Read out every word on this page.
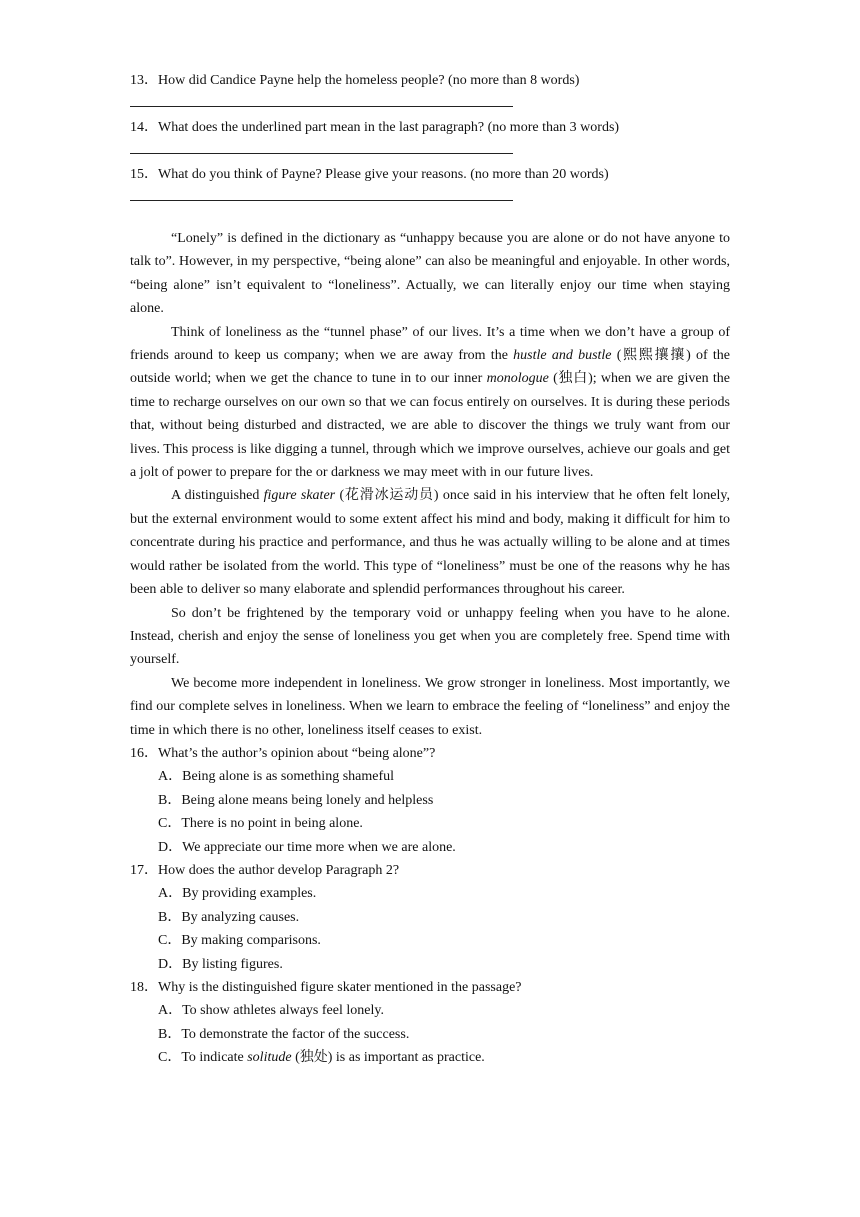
13．How did Candice Payne help the homeless people? (no more than 8 words)

14．What does the underlined part mean in the last paragraph? (no more than 3 words)

15．What do you think of Payne? Please give your reasons. (no more than 20 words)

“Lonely” is defined in the dictionary as “unhappy because you are alone or do not have anyone to talk to”. However, in my perspective, “being alone” can also be meaningful and enjoyable. In other words, “being alone” isn’t equivalent to “loneliness”. Actually, we can literally enjoy our time when staying alone.

Think of loneliness as the “tunnel phase” of our lives. It’s a time when we don’t have a group of friends around to keep us company; when we are away from the hustle and bustle (熙熙攘攘) of the outside world; when we get the chance to tune in to our inner monologue (独白); when we are given the time to recharge ourselves on our own so that we can focus entirely on ourselves. It is during these periods that, without being disturbed and distracted, we are able to discover the things we truly want from our lives. This process is like digging a tunnel, through which we improve ourselves, achieve our goals and get a jolt of power to prepare for the or darkness we may meet with in our future lives.

A distinguished figure skater (花滑冰运动员) once said in his interview that he often felt lonely, but the external environment would to some extent affect his mind and body, making it difficult for him to concentrate during his practice and performance, and thus he was actually willing to be alone and at times would rather be isolated from the world. This type of “loneliness” must be one of the reasons why he has been able to deliver so many elaborate and splendid performances throughout his career.

So don’t be frightened by the temporary void or unhappy feeling when you have to he alone. Instead, cherish and enjoy the sense of loneliness you get when you are completely free. Spend time with yourself.

We become more independent in loneliness. We grow stronger in loneliness. Most importantly, we find our complete selves in loneliness. When we learn to embrace the feeling of “loneliness” and enjoy the time in which there is no other, loneliness itself ceases to exist.

16．What’s the author’s opinion about “being alone”?

A．Being alone is as something shameful

B．Being alone means being lonely and helpless

C．There is no point in being alone.

D．We appreciate our time more when we are alone.

17．How does the author develop Paragraph 2?

A．By providing examples.

B．By analyzing causes.

C．By making comparisons.

D．By listing figures.

18．Why is the distinguished figure skater mentioned in the passage?

A．To show athletes always feel lonely.

B．To demonstrate the factor of the success.

C．To indicate solitude (独处) is as important as practice.
